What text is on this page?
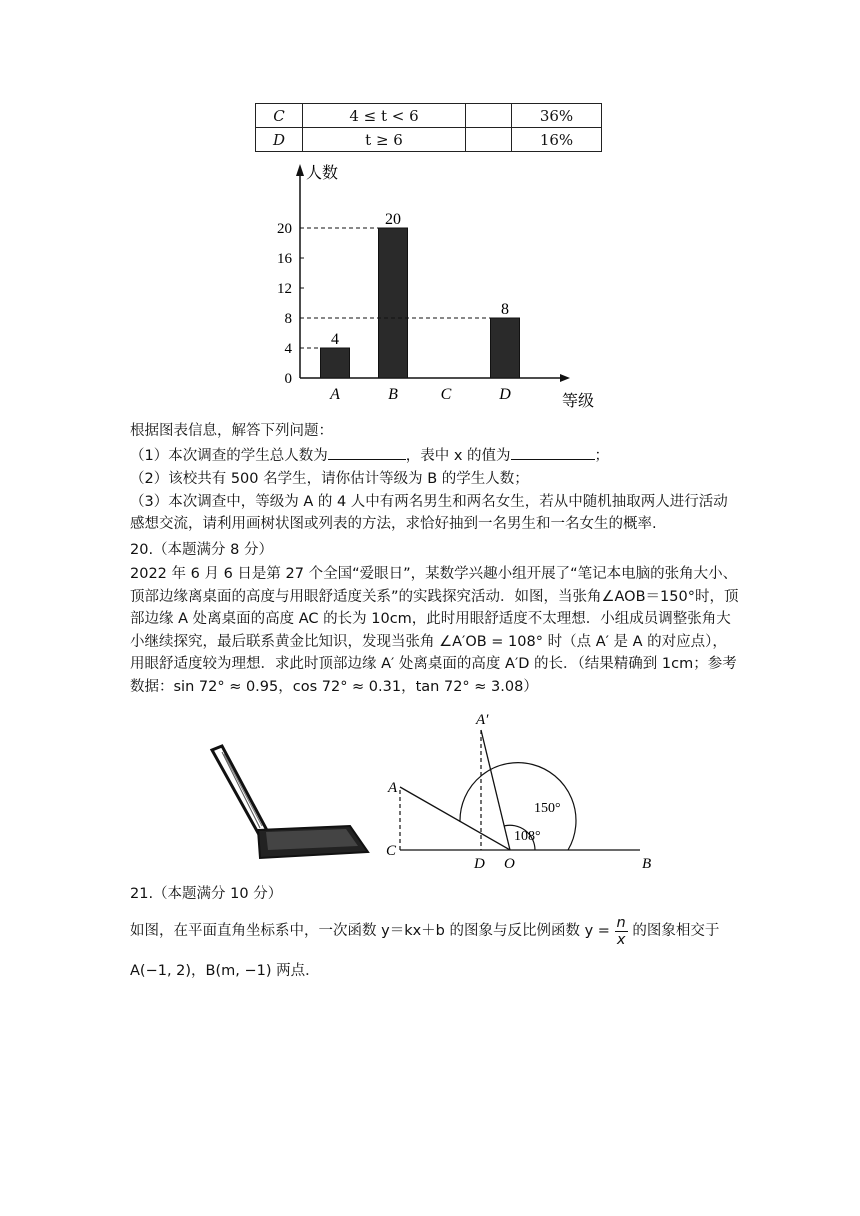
C	4 ≤ t < 6		36%
D	t ≥ 6		16%
人数
等级
0
4
8
12
16
20
A
4
B
20
C	D
8
根据图表信息，解答下列问题：
（1）本次调查的学生总人数为	，表中 x 的值为	；
（2）该校共有 500 名学生，请你估计等级为 B 的学生人数；
（3）本次调查中，等级为 A 的 4 人中有两名男生和两名女生，若从中随机抽取两人进行活动感想交流，请利用画树状图或列表的方法，求恰好抽到一名男生和一名女生的概率.
20.（本题满分 8 分）
2022 年 6 月 6 日是第 27 个全国“爱眼日”，某数学兴趣小组开展了“笔记本电脑的张角大小、顶部边缘离桌面的高度与用眼舒适度关系”的实践探究活动．如图，当张角∠AOB＝150°时，顶部边缘 A 处离桌面的高度 AC 的长为 10cm，此时用眼舒适度不太理想．小组成员调整张角大小继续探究，最后联系黄金比知识，发现当张角 ∠A′OB = 108° 时（点 A′ 是 A 的对应点），用眼舒适度较为理想．求此时顶部边缘 A′ 处离桌面的高度 A′D 的长．（结果精确到 1cm；参考数据：sin 72° ≈ 0.95，cos 72° ≈ 0.31，tan 72° ≈ 3.08）
A′
A
C
D O	B
150°
108°
21.（本题满分 10 分）
如图，在平面直角坐标系中，一次函数 y＝kx＋b 的图象与反比例函数 $y = \frac{n}{x}$ 的图象相交于
A(−1, 2)，B(m, −1) 两点．
